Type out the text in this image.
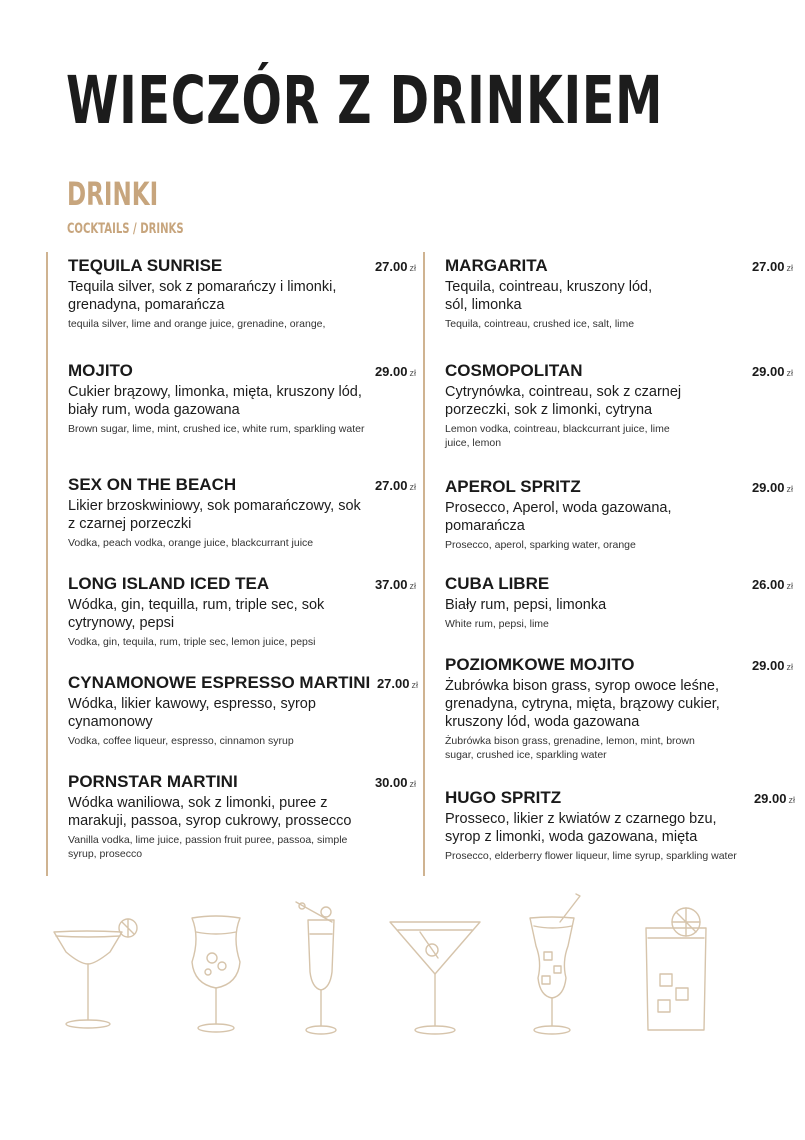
WIECZÓR Z DRINKIEM
DRINKI
COCKTAILS / DRINKS
TEQUILA SUNRISE	27.00 zł
Tequila silver, sok z pomarańczy i limonki, grenadyna, pomarańcza
tequila silver, lime and orange juice, grenadine, orange,
MOJITO	29.00 zł
Cukier brązowy, limonka, mięta, kruszony lód, biały rum, woda gazowana
Brown sugar, lime, mint, crushed ice, white rum, sparkling water
SEX ON THE BEACH	27.00 zł
Likier brzoskwiniowy, sok pomarańczowy, sok z czarnej porzeczki
Vodka, peach vodka, orange juice, blackcurrant juice
LONG ISLAND ICED TEA	37.00 zł
Wódka, gin, tequilla, rum, triple sec, sok cytrynowy, pepsi
Vodka, gin, tequila, rum, triple sec, lemon juice, pepsi
CYNAMONOWE ESPRESSO MARTINI 27.00 zł
Wódka, likier kawowy, espresso, syrop cynamonowy
Vodka, coffee liqueur, espresso, cinnamon syrup
PORNSTAR MARTINI	30.00 zł
Wódka waniliowa, sok z limonki, puree z marakuji, passoa, syrop cukrowy, prossecco
Vanilla vodka, lime juice, passion fruit puree, passoa, simple syrup, prosecco
MARGARITA	27.00 zł
Tequila, cointreau, kruszony lód, sól, limonka
Tequila, cointreau, crushed ice, salt, lime
COSMOPOLITAN	29.00 zł
Cytrynówka, cointreau, sok z czarnej porzeczki, sok z limonki, cytryna
Lemon vodka, cointreau, blackcurrant juice, lime juice, lemon
APEROL SPRITZ	29.00 zł
Prosecco, Aperol, woda gazowana, pomarańcza
Prosecco, aperol, sparking water, orange
CUBA LIBRE	26.00 zł
Biały rum, pepsi, limonka
White rum, pepsi, lime
POZIOMKOWE MOJITO	29.00 zł
Żubrówka bison grass, syrop owoce leśne, grenadyna, cytryna, mięta, brązowy cukier, kruszony lód, woda gazowana
Żubrówka bison grass, grenadine, lemon, mint, brown sugar, crushed ice, sparkling water
HUGO SPRITZ	29.00 zł
Prosseco, likier z kwiatów z czarnego bzu, syrop z limonki, woda gazowana, mięta
Prosecco, elderberry flower liqueur, lime syrup, sparkling water
